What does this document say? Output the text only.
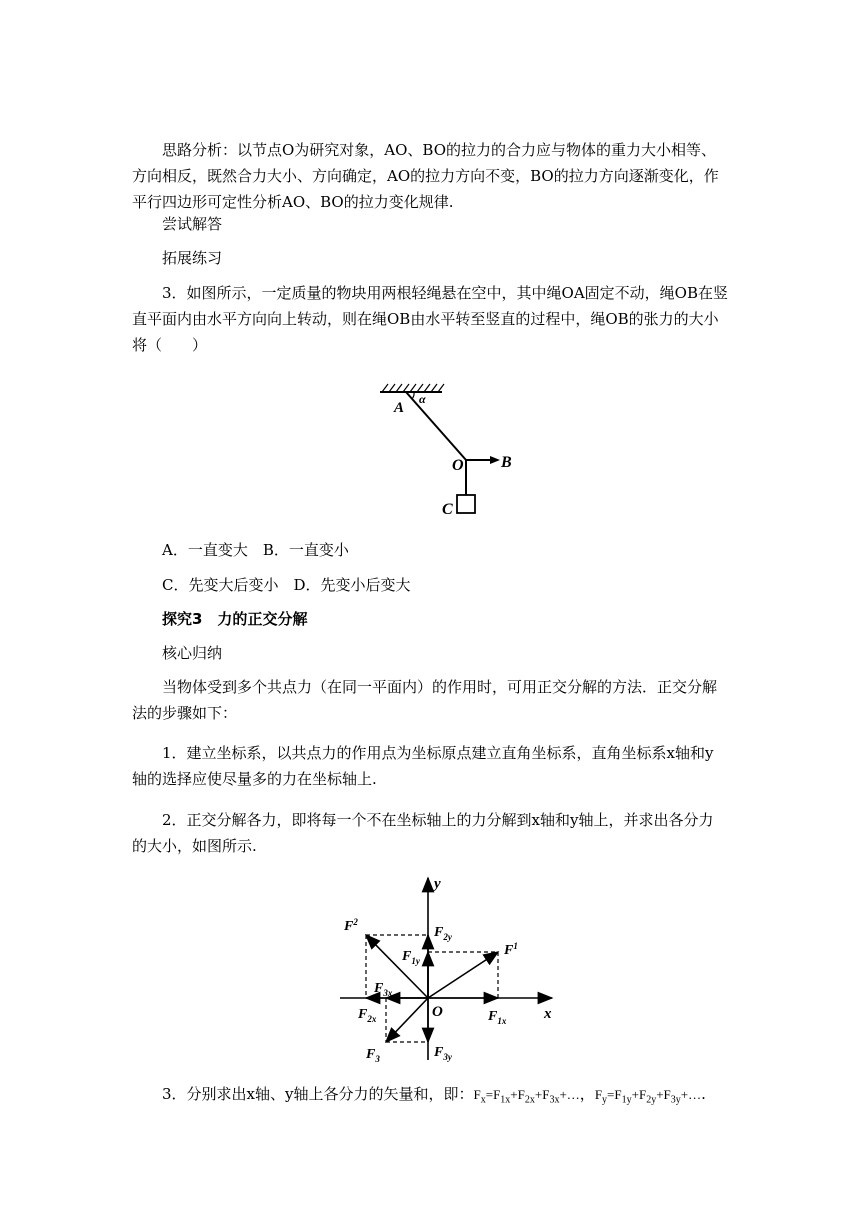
思路分析：以节点O为研究对象，AO、BO的拉力的合力应与物体的重力大小相等、方向相反，既然合力大小、方向确定，AO的拉力方向不变，BO的拉力方向逐渐变化，作平行四边形可定性分析AO、BO的拉力变化规律.

尝试解答

拓展练习

3．如图所示，一定质量的物块用两根轻绳悬在空中，其中绳OA固定不动，绳OB在竖直平面内由水平方向向上转动，则在绳OB由水平转至竖直的过程中，绳OB的张力的大小将（　　）

α
A
B
O
C

A．一直变大　B．一直变小

C．先变大后变小　D．先变小后变大

探究3　力的正交分解

核心归纳

当物体受到多个共点力（在同一平面内）的作用时，可用正交分解的方法．正交分解法的步骤如下：

1．建立坐标系，以共点力的作用点为坐标原点建立直角坐标系，直角坐标系x轴和y轴的选择应使尽量多的力在坐标轴上.

2．正交分解各力，即将每一个不在坐标轴上的力分解到x轴和y轴上，并求出各分力的大小，如图所示.

y
x
O
$F^2$
$F_{2y}$
$F_{1y}$
$F^1$
$F_{3x}$
$F_{2x}$	$F_{1x}$
$F_3$	$F_{3y}$

3．分别求出x轴、y轴上各分力的矢量和，即：$F_x=F_{1x}+F_{2x}+F_{3x}+\dots$，$F_y=F_{1y}+F_{2y}+F_{3y}+\dots$.
